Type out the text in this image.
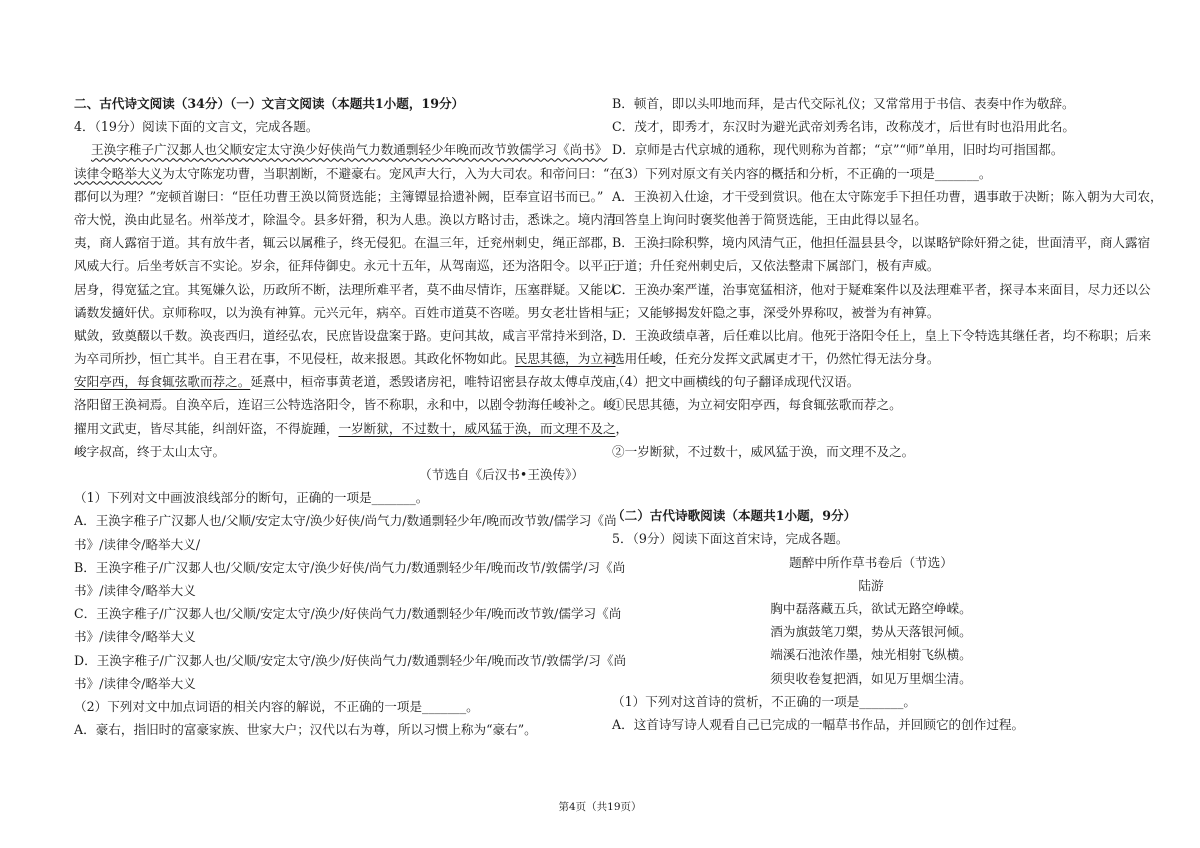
二、古代诗文阅读（34分）（一）文言文阅读（本题共1小题，19分）
4．（19分）阅读下面的文言文，完成各题。
王涣字稚子广汉郪人也父顺安定太守涣少好侠尚气力数通剽轻少年晚而改节敦儒学习《尚书》
读律令略举大义为太守陈宠功曹，当职割断，不避豪右。宠风声大行，入为大司农。和帝问曰：“在
郡何以为理？”宠顿首谢曰：“臣任功曹王涣以简贤选能；主簿镡显拾遗补阙，臣奉宣诏书而已。”
帝大悦，涣由此显名。州举茂才，除温令。县多奸猾，积为人患。涣以方略讨击，悉诛之。境内清
夷，商人露宿于道。其有放牛者，辄云以属稚子，终无侵犯。在温三年，迁兖州刺史，绳正部郡，
风威大行。后坐考妖言不实论。岁余，征拜侍御史。永元十五年，从驾南巡，还为洛阳令。以平正
居身，得宽猛之宜。其冤嫌久讼，历政所不断，法理所难平者，莫不曲尽情诈，压塞群疑。又能以
谲数发擿奸伏。京师称叹，以为涣有神算。元兴元年，病卒。百姓市道莫不咨嗟。男女老壮皆相与
赋敛，致奠醊以千数。涣丧西归，道经弘农，民庶皆设盘案于路。吏问其故，咸言平常持米到洛，
为卒司所抄，恒亡其半。自王君在事，不见侵枉，故来报恩。其政化怀物如此。民思其德，为立祠
安阳亭西，每食辄弦歌而荐之。延熹中，桓帝事黄老道，悉毁诸房祀，唯特诏密县存故太傅卓茂庙，
洛阳留王涣祠焉。自涣卒后，连诏三公特选洛阳令，皆不称职，永和中，以剧令勃海任峻补之。峻
擢用文武吏，皆尽其能，纠剖奸盗，不得旋踵，一岁断狱，不过数十，威风猛于涣，而文理不及之，
峻字叔高，终于太山太守。
（节选自《后汉书•王涣传》）
（1）下列对文中画波浪线部分的断句，正确的一项是_______。
A．王涣字稚子广汉郪人也/父顺/安定太守/涣少好侠/尚气力/数通剽轻少年/晚而改节敦/儒学习《尚
书》/读律令/略举大义/
B．王涣字稚子/广汉郪人也/父顺/安定太守/涣少好侠/尚气力/数通剽轻少年/晚而改节/敦儒学/习《尚
书》/读律令/略举大义
C．王涣字稚子/广汉郪人也/父顺/安定太守/涣少/好侠尚气力/数通剽轻少年/晚而改节敦/儒学习《尚
书》/读律令/略举大义
D．王涣字稚子/广汉郪人也/父顺/安定太守/涣少/好侠尚气力/数通剽轻少年/晚而改节/敦儒学/习《尚
书》/读律令/略举大义
（2）下列对文中加点词语的相关内容的解说，不正确的一项是_______。
A．豪右，指旧时的富豪家族、世家大户；汉代以右为尊，所以习惯上称为“豪右”。
B．顿首，即以头叩地而拜，是古代交际礼仪；又常常用于书信、表奏中作为敬辞。
C．茂才，即秀才，东汉时为避光武帝刘秀名讳，改称茂才，后世有时也沿用此名。
D．京师是古代京城的通称，现代则称为首都；“京”“师”单用，旧时均可指国都。
（3）下列对原文有关内容的概括和分析，不正确的一项是_______。
A．王涣初入仕途，才干受到赏识。他在太守陈宠手下担任功曹，遇事敢于决断；陈入朝为大司农，
回答皇上询问时褒奖他善于简贤选能，王由此得以显名。
B．王涣扫除积弊，境内风清气正，他担任温县县令，以谋略铲除奸猾之徒，世面清平，商人露宿
于道；升任兖州刺史后，又依法整肃下属部门，极有声威。
C．王涣办案严谨，治事宽猛相济，他对于疑难案件以及法理难平者，探寻本来面目，尽力还以公
正；又能够揭发奸隐之事，深受外界称叹，被誉为有神算。
D．王涣政绩卓著，后任难以比肩。他死于洛阳令任上，皇上下令特选其继任者，均不称职；后来
选用任峻，任充分发挥文武属吏才干，仍然忙得无法分身。
（4）把文中画横线的句子翻译成现代汉语。
①民思其德，为立祠安阳亭西，每食辄弦歌而荐之。
②一岁断狱，不过数十，威风猛于涣，而文理不及之。
（二）古代诗歌阅读（本题共1小题，9分）
5．（9分）阅读下面这首宋诗，完成各题。
题醉中所作草书卷后（节选）
陆游
胸中磊落藏五兵，欲试无路空峥嵘。
酒为旗鼓笔刀槊，势从天落银河倾。
端溪石池浓作墨，烛光相射飞纵横。
须臾收卷复把酒，如见万里烟尘清。
（1）下列对这首诗的赏析，不正确的一项是_______。
A．这首诗写诗人观看自己已完成的一幅草书作品，并回顾它的创作过程。
第4页（共19页）
